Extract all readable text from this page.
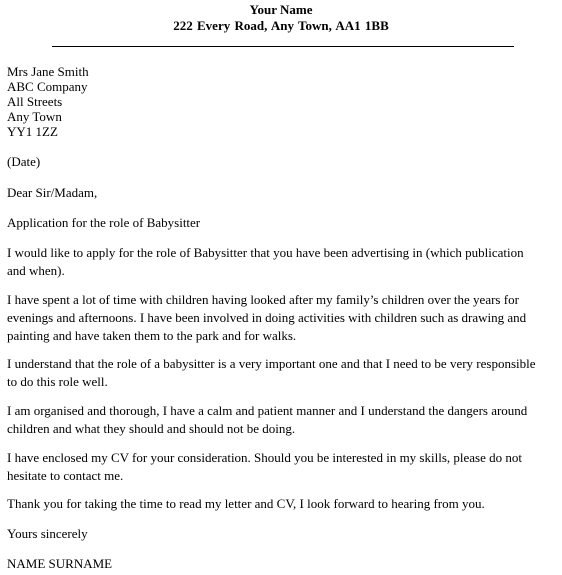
Your Name
222 Every Road, Any Town, AA1 1BB
Mrs Jane Smith
ABC Company
All Streets
Any Town
YY1 1ZZ
(Date)
Dear Sir/Madam,
Application for the role of Babysitter
I would like to apply for the role of Babysitter that you have been advertising in (which publication
and when).
I have spent a lot of time with children having looked after my family’s children over the years for
evenings and afternoons. I have been involved in doing activities with children such as drawing and
painting and have taken them to the park and for walks.
I understand that the role of a babysitter is a very important one and that I need to be very responsible
to do this role well.
I am organised and thorough, I have a calm and patient manner and I understand the dangers around
children and what they should and should not be doing.
I have enclosed my CV for your consideration. Should you be interested in my skills, please do not
hesitate to contact me.
Thank you for taking the time to read my letter and CV, I look forward to hearing from you.
Yours sincerely
NAME SURNAME
